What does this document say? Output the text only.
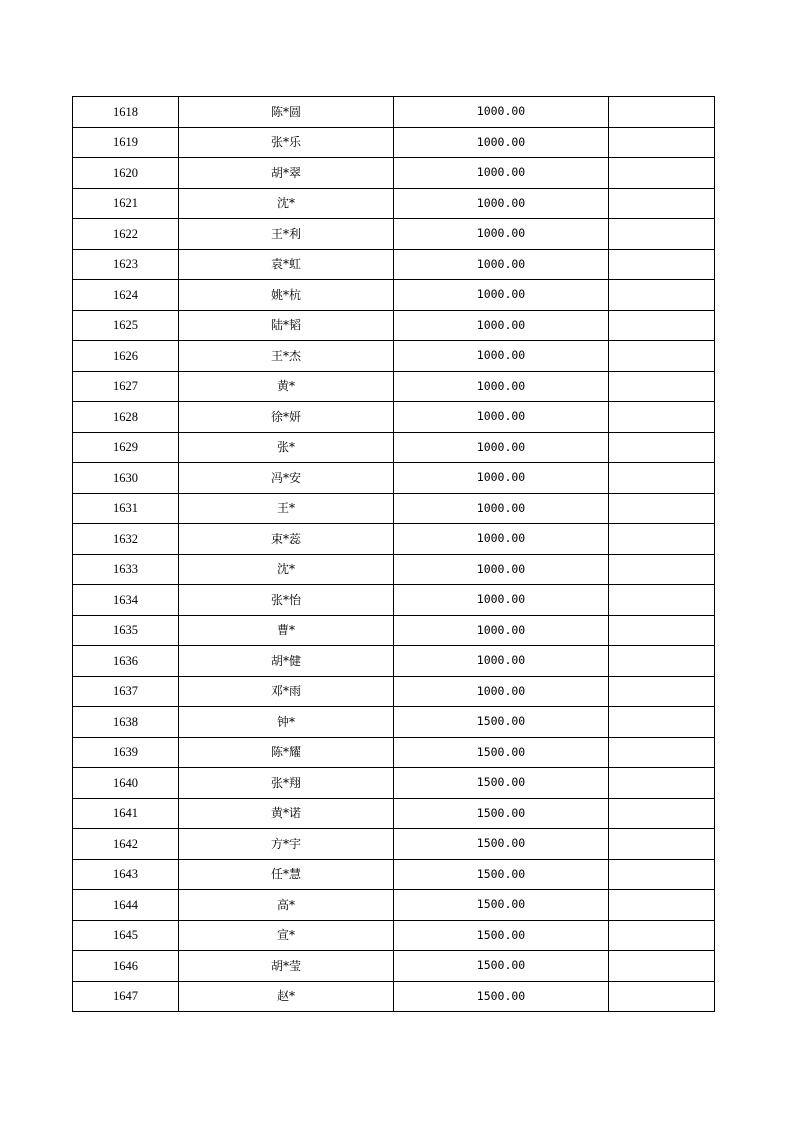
1618	陈*圆	1000.00	
1619	张*乐	1000.00	
1620	胡*翠	1000.00	
1621	沈*	1000.00	
1622	王*利	1000.00	
1623	袁*虹	1000.00	
1624	姚*杭	1000.00	
1625	陆*韬	1000.00	
1626	王*杰	1000.00	
1627	黄*	1000.00	
1628	徐*妍	1000.00	
1629	张*	1000.00	
1630	冯*安	1000.00	
1631	王*	1000.00	
1632	束*蕊	1000.00	
1633	沈*	1000.00	
1634	张*怡	1000.00	
1635	曹*	1000.00	
1636	胡*健	1000.00	
1637	邓*雨	1000.00	
1638	钟*	1500.00	
1639	陈*耀	1500.00	
1640	张*翔	1500.00	
1641	黄*诺	1500.00	
1642	方*宇	1500.00	
1643	任*慧	1500.00	
1644	高*	1500.00	
1645	宣*	1500.00	
1646	胡*莹	1500.00	
1647	赵*	1500.00	
